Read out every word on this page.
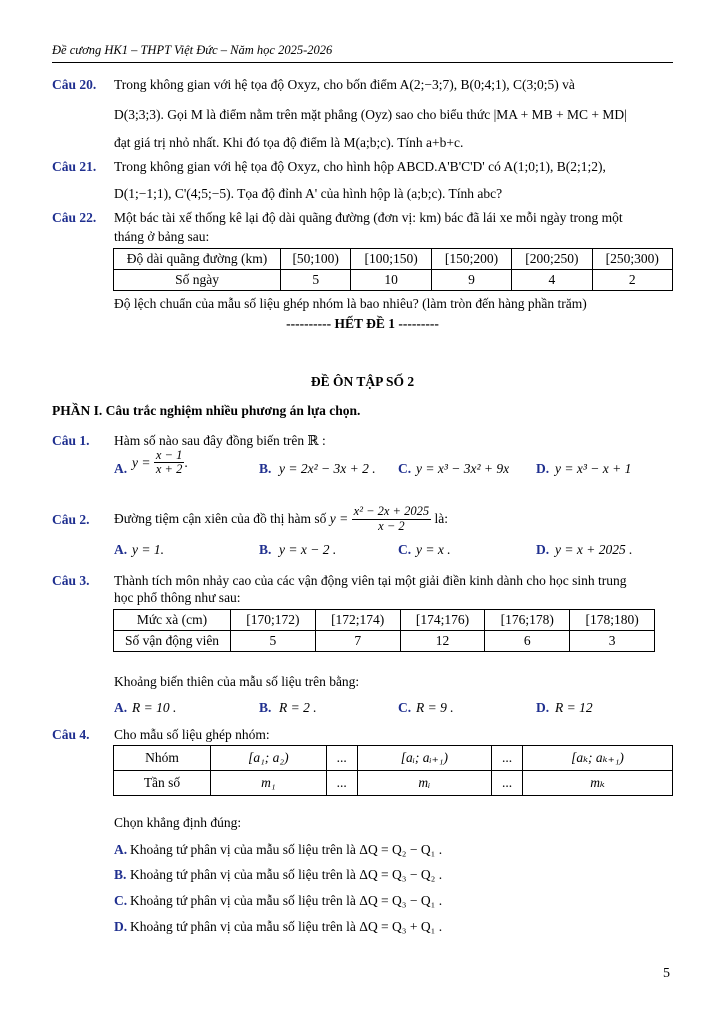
Đề cương HK1 – THPT Việt Đức – Năm học 2025-2026
Câu 20. Trong không gian với hệ tọa độ Oxyz, cho bốn điểm A(2;−3;7), B(0;4;1), C(3;0;5) và
D(3;3;3). Gọi M là điểm nằm trên mặt phẳng (Oyz) sao cho biểu thức |MA + MB + MC + MD|
đạt giá trị nhỏ nhất. Khi đó tọa độ điểm là M(a;b;c). Tính a+b+c.
Câu 21. Trong không gian với hệ tọa độ Oxyz, cho hình hộp ABCD.A'B'C'D' có A(1;0;1), B(2;1;2),
D(1;−1;1), C'(4;5;−5). Tọa độ đỉnh A' của hình hộp là (a;b;c). Tính abc?
Câu 22. Một bác tài xế thống kê lại độ dài quãng đường (đơn vị: km) bác đã lái xe mỗi ngày trong một
tháng ở bảng sau:
Độ dài quãng đường (km)	[50;100)	[100;150)	[150;200)	[200;250)	[250;300)
Số ngày	5	10	9	4	2
Độ lệch chuẩn của mẫu số liệu ghép nhóm là bao nhiêu? (làm tròn đến hàng phần trăm)
---------- HẾT ĐỀ 1 ---------
ĐỀ ÔN TẬP SỐ 2
PHẦN I. Câu trắc nghiệm nhiều phương án lựa chọn.
Câu 1. Hàm số nào sau đây đồng biến trên ℝ :
A. y =
$\frac{x - 1}{x + 2}$ .	B. y = 2x² − 3x + 2 . C. y = x³ − 3x² + 9x D. y = x³ − x + 1
Câu 2. Đường tiệm cận xiên của đồ thị hàm số
y =
$\frac{\text{x² − 2x + 2025}}{x - 2}$
là:
A. y = 1.	B. y = x − 2 .	C. y = x .	D. y = x + 2025 .
Câu 3. Thành tích môn nhảy cao của các vận động viên tại một giải điền kinh dành cho học sinh trung
học phổ thông như sau:
Mức xà (cm)	[170;172)	[172;174)	[174;176)	[176;178)	[178;180)
Số vận động viên	5	7	12	6	3
Khoảng biến thiên của mẫu số liệu trên bằng:
A. R = 10 .	B. R = 2 .	C. R = 9 .	D. R = 12
Câu 4. Cho mẫu số liệu ghép nhóm:
Nhóm	[a₁; a₂)	...	[aᵢ; aᵢ₊₁)	...	[aₖ; aₖ₊₁)
Tần số	m₁	...	mᵢ	...	mₖ
Chọn khẳng định đúng:
A. Khoảng tứ phân vị của mẫu số liệu trên là ΔQ = Q₂ − Q₁ .
B. Khoảng tứ phân vị của mẫu số liệu trên là ΔQ = Q₃ − Q₂ .
C. Khoảng tứ phân vị của mẫu số liệu trên là ΔQ = Q₃ − Q₁ .
D. Khoảng tứ phân vị của mẫu số liệu trên là ΔQ = Q₃ + Q₁ .
5
